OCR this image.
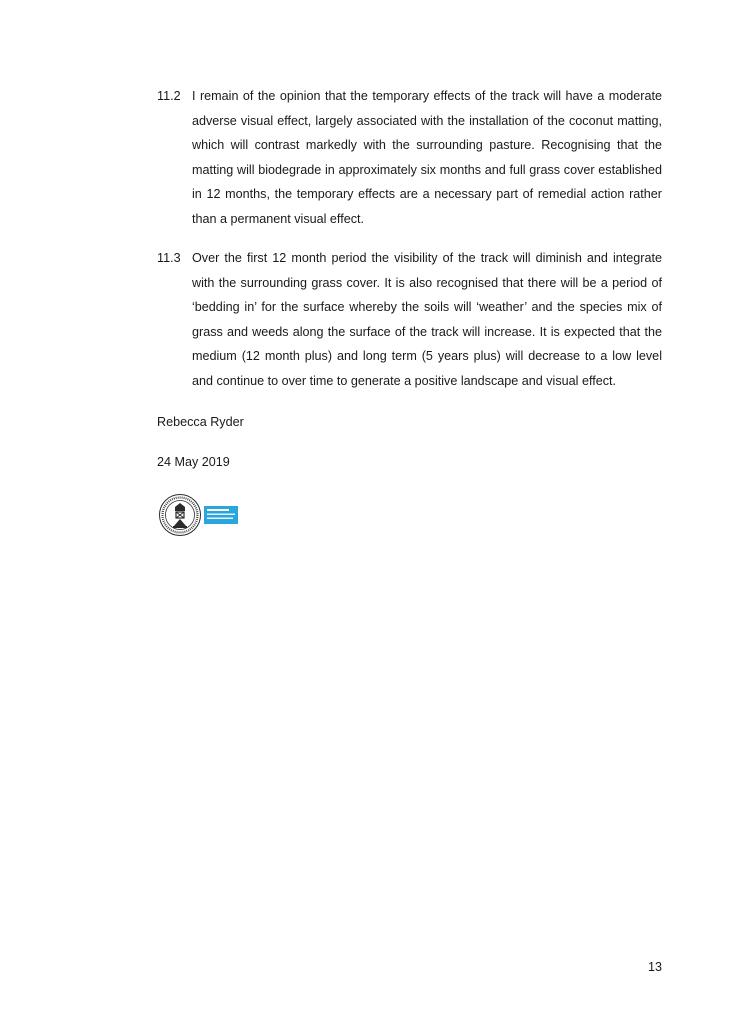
11.2 I remain of the opinion that the temporary effects of the track will have a moderate adverse visual effect, largely associated with the installation of the coconut matting, which will contrast markedly with the surrounding pasture. Recognising that the matting will biodegrade in approximately six months and full grass cover established in 12 months, the temporary effects are a necessary part of remedial action rather than a permanent visual effect.
11.3 Over the first 12 month period the visibility of the track will diminish and integrate with the surrounding grass cover. It is also recognised that there will be a period of ‘bedding in’ for the surface whereby the soils will ‘weather’ and the species mix of grass and weeds along the surface of the track will increase. It is expected that the medium (12 month plus) and long term (5 years plus) will decrease to a low level and continue to over time to generate a positive landscape and visual effect.
Rebecca Ryder
24 May 2019
13
